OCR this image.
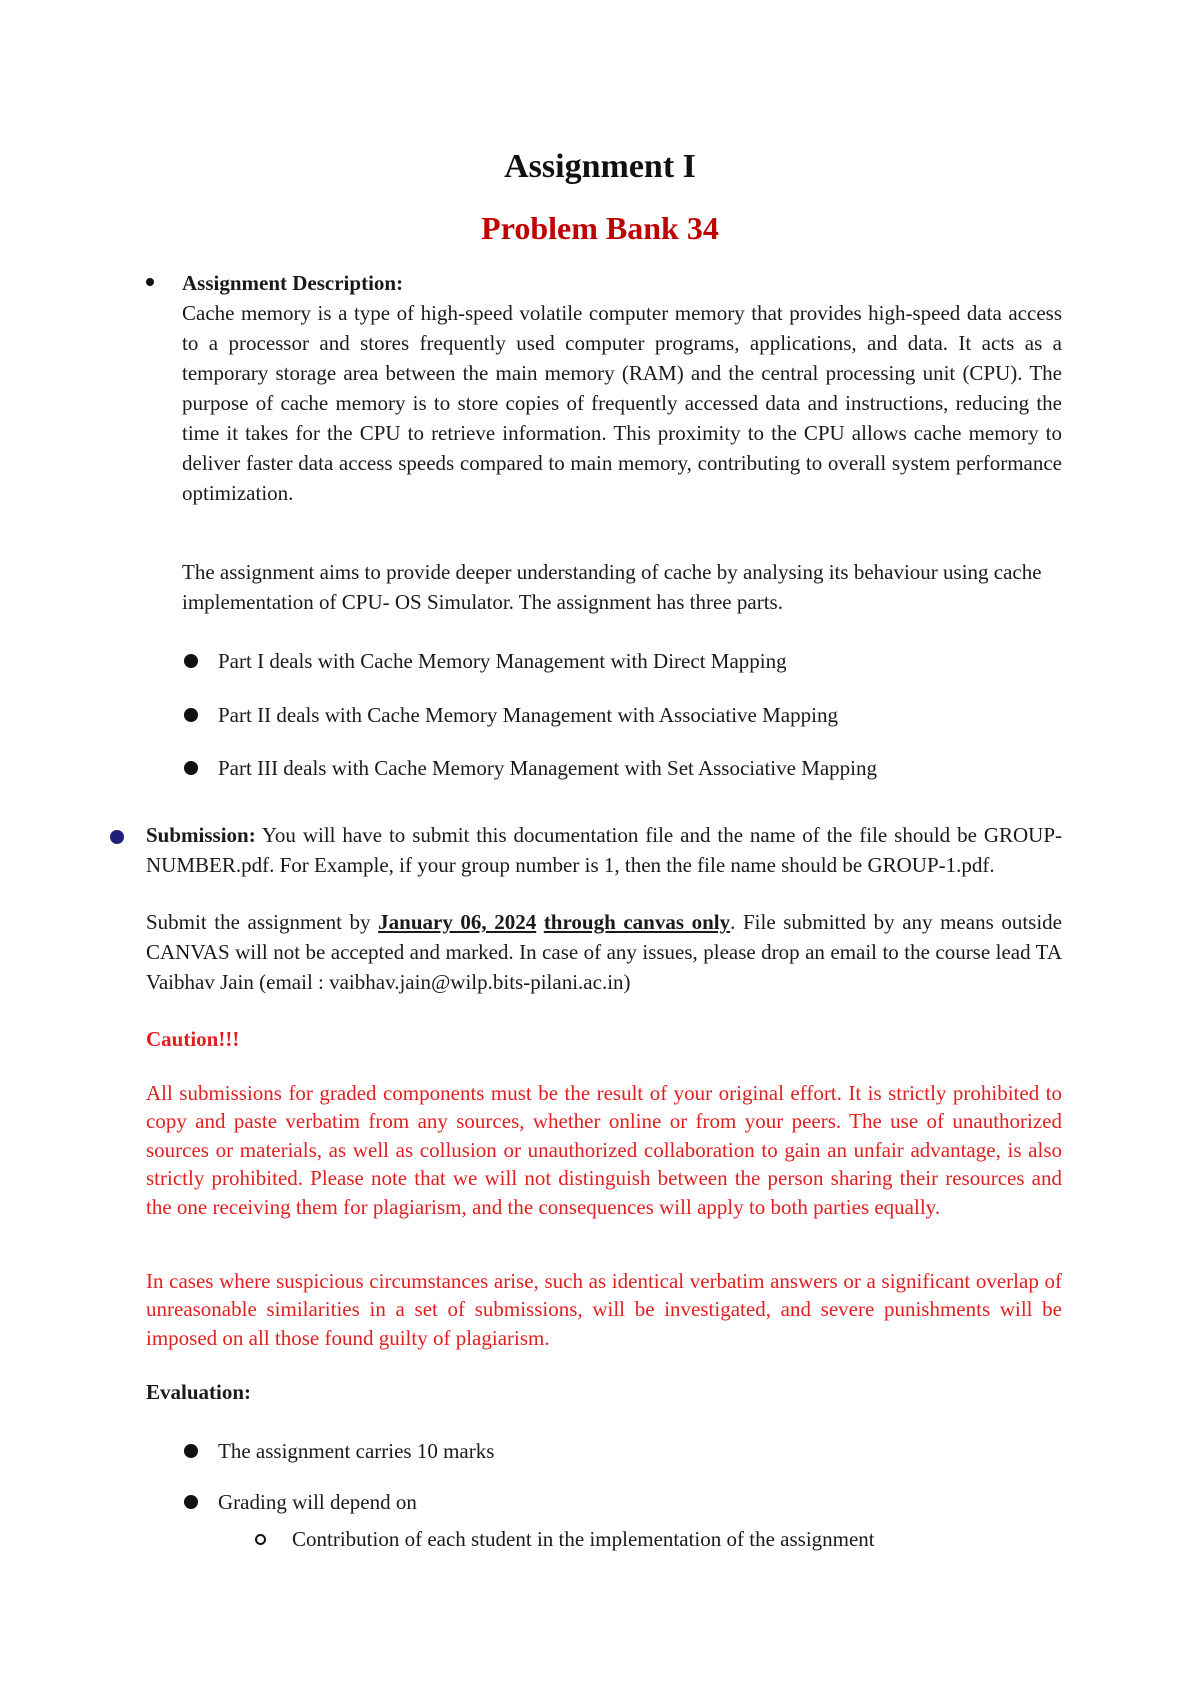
Assignment I
Problem Bank 34
Assignment Description:
Cache memory is a type of high-speed volatile computer memory that provides high-speed data access to a processor and stores frequently used computer programs, applications, and data. It acts as a temporary storage area between the main memory (RAM) and the central processing unit (CPU). The purpose of cache memory is to store copies of frequently accessed data and instructions, reducing the time it takes for the CPU to retrieve information. This proximity to the CPU allows cache memory to deliver faster data access speeds compared to main memory, contributing to overall system performance optimization.
The assignment aims to provide deeper understanding of cache by analysing its behaviour using cache implementation of CPU- OS Simulator. The assignment has three parts.
Part I deals with Cache Memory Management with Direct Mapping
Part II deals with Cache Memory Management with Associative Mapping
Part III deals with Cache Memory Management with Set Associative Mapping
Submission: You will have to submit this documentation file and the name of the file should be GROUP-NUMBER.pdf. For Example, if your group number is 1, then the file name should be GROUP-1.pdf.
Submit the assignment by January 06, 2024 through canvas only. File submitted by any means outside CANVAS will not be accepted and marked. In case of any issues, please drop an email to the course lead TA Vaibhav Jain (email : vaibhav.jain@wilp.bits-pilani.ac.in)
Caution!!!
All submissions for graded components must be the result of your original effort. It is strictly prohibited to copy and paste verbatim from any sources, whether online or from your peers. The use of unauthorized sources or materials, as well as collusion or unauthorized collaboration to gain an unfair advantage, is also strictly prohibited. Please note that we will not distinguish between the person sharing their resources and the one receiving them for plagiarism, and the consequences will apply to both parties equally.
In cases where suspicious circumstances arise, such as identical verbatim answers or a significant overlap of unreasonable similarities in a set of submissions, will be investigated, and severe punishments will be imposed on all those found guilty of plagiarism.
Evaluation:
The assignment carries 10 marks
Grading will depend on
Contribution of each student in the implementation of the assignment
